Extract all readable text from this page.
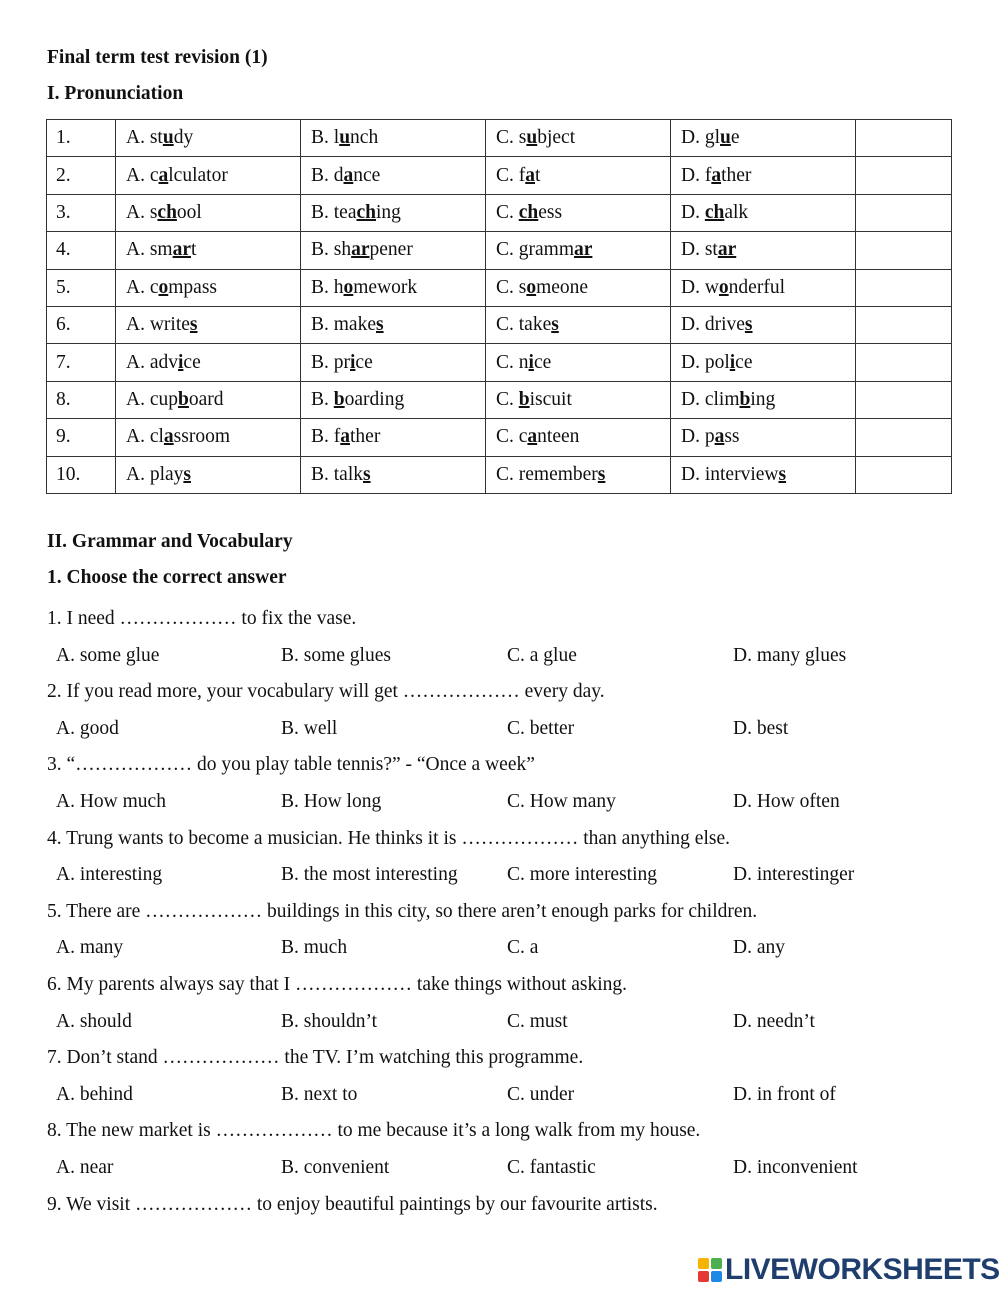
Final term test revision (1)
I. Pronunciation
1.	A. study	B. lunch	C. subject	D. glue	
2.	A. calculator	B. dance	C. fat	D. father	
3.	A. school	B. teaching	C. chess	D. chalk	
4.	A. smart	B. sharpener	C. grammar	D. star	
5.	A. compass	B. homework	C. someone	D. wonderful	
6.	A. writes	B. makes	C. takes	D. drives	
7.	A. advice	B. price	C. nice	D. police	
8.	A. cupboard	B. boarding	C. biscuit	D. climbing	
9.	A. classroom	B. father	C. canteen	D. pass	
10.	A. plays	B. talks	C. remembers	D. interviews	
II. Grammar and Vocabulary
1. Choose the correct answer
1. I need ……………… to fix the vase.
A. some glue	B. some glues	C. a glue	D. many glues
2. If you read more, your vocabulary will get ……………… every day.
A. good	B. well	C. better	D. best
3. “……………… do you play table tennis?” - “Once a week”
A. How much	B. How long	C. How many	D. How often
4. Trung wants to become a musician. He thinks it is ……………… than anything else.
A. interesting	B. the most interesting	C. more interesting	D. interestinger
5. There are ……………… buildings in this city, so there aren’t enough parks for children.
A. many	B. much	C. a	D. any
6. My parents always say that I ……………… take things without asking.
A. should	B. shouldn’t	C. must	D. needn’t
7. Don’t stand ……………… the TV. I’m watching this programme.
A. behind	B. next to	C. under	D. in front of
8. The new market is ……………… to me because it’s a long walk from my house.
A. near	B. convenient	C. fantastic	D. inconvenient
9. We visit ……………… to enjoy beautiful paintings by our favourite artists.
LIVEWORKSHEETS
